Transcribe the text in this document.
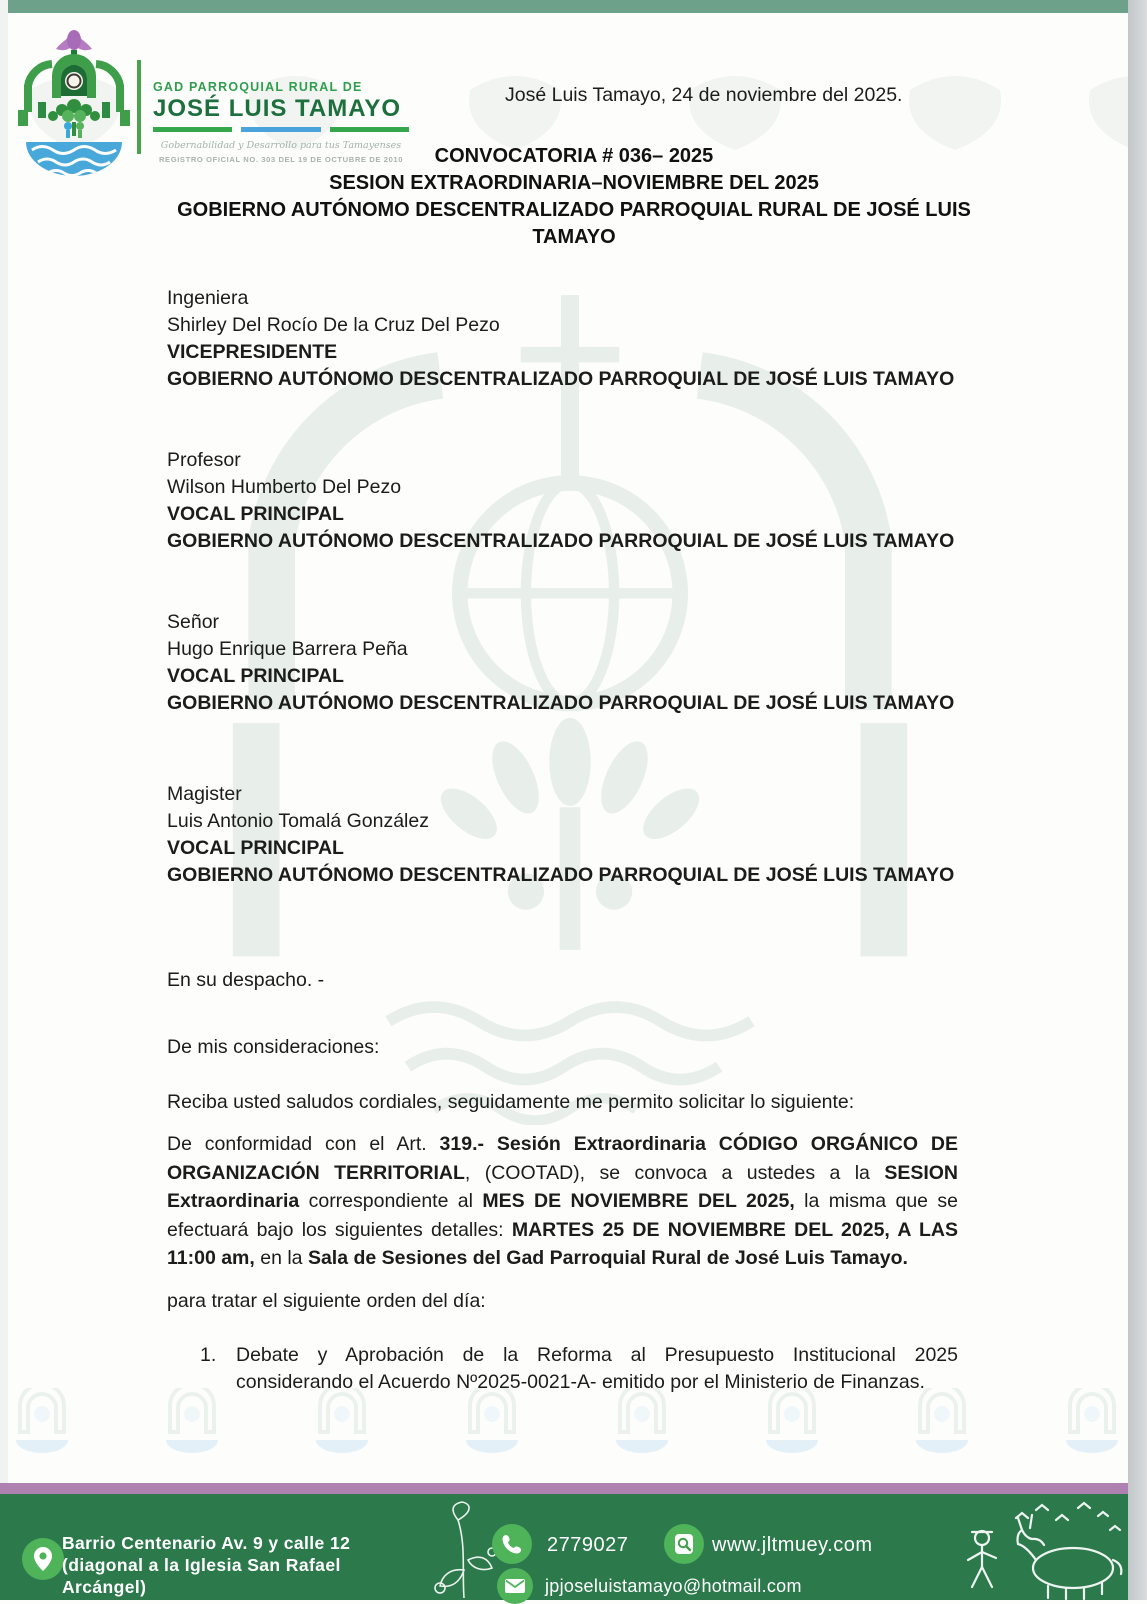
GAD PARROQUIAL RURAL DE
JOSÉ LUIS TAMAYO
Gobernabilidad y Desarrollo para tus Tamayenses
REGISTRO OFICIAL NO. 303 DEL 19 DE OCTUBRE DE 2010
José Luis Tamayo, 24 de noviembre del 2025.
CONVOCATORIA # 036– 2025
SESION EXTRAORDINARIA–NOVIEMBRE DEL 2025
GOBIERNO AUTÓNOMO DESCENTRALIZADO PARROQUIAL RURAL DE JOSÉ LUIS TAMAYO
Ingeniera
Shirley Del Rocío De la Cruz Del Pezo
VICEPRESIDENTE
GOBIERNO AUTÓNOMO DESCENTRALIZADO PARROQUIAL DE JOSÉ LUIS TAMAYO
Profesor
Wilson Humberto Del Pezo
VOCAL PRINCIPAL
GOBIERNO AUTÓNOMO DESCENTRALIZADO PARROQUIAL DE JOSÉ LUIS TAMAYO
Señor
Hugo Enrique Barrera Peña
VOCAL PRINCIPAL
GOBIERNO AUTÓNOMO DESCENTRALIZADO PARROQUIAL DE JOSÉ LUIS TAMAYO
Magister
Luis Antonio Tomalá González
VOCAL PRINCIPAL
GOBIERNO AUTÓNOMO DESCENTRALIZADO PARROQUIAL DE JOSÉ LUIS TAMAYO
En su despacho. -
De mis consideraciones:
Reciba usted saludos cordiales, seguidamente me permito solicitar lo siguiente:
De conformidad con el Art. 319.- Sesión Extraordinaria CÓDIGO ORGÁNICO DE ORGANIZACIÓN TERRITORIAL, (COOTAD), se convoca a ustedes a la SESION Extraordinaria correspondiente al MES DE NOVIEMBRE DEL 2025, la misma que se efectuará bajo los siguientes detalles: MARTES 25 DE NOVIEMBRE DEL 2025, A LAS 11:00 am, en la Sala de Sesiones del Gad Parroquial Rural de José Luis Tamayo.
para tratar el siguiente orden del día:
1. Debate y Aprobación de la Reforma al Presupuesto Institucional 2025 considerando el Acuerdo Nº2025-0021-A- emitido por el Ministerio de Finanzas.
Barrio Centenario Av. 9 y calle 12
(diagonal a la Iglesia San Rafael
Arcángel)
2779027	www.jltmuey.com
jpjoseluistamayo@hotmail.com
